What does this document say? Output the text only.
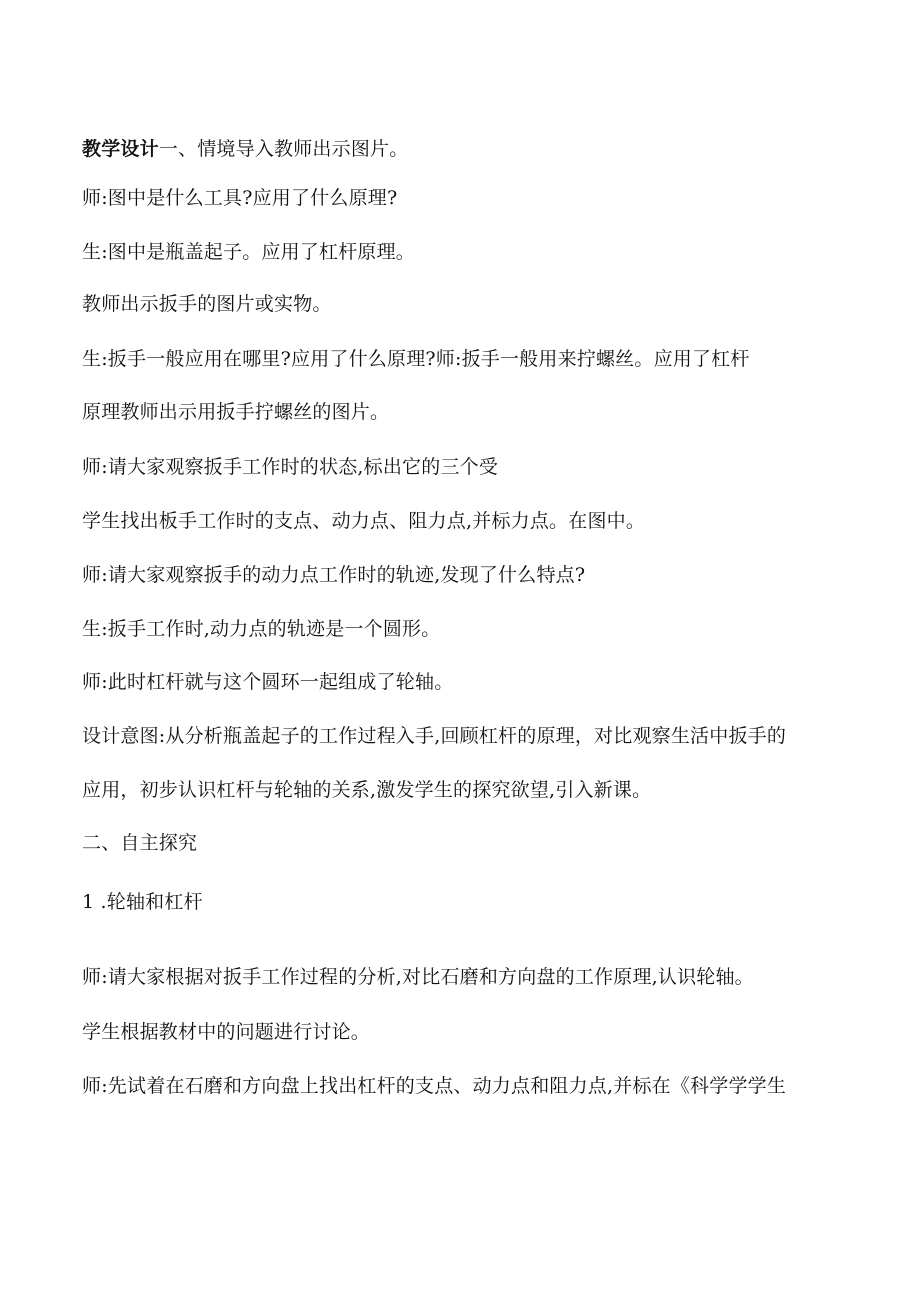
教学设计一、情境导入教师出示图片。
师:图中是什么工具?应用了什么原理?
生:图中是瓶盖起子。应用了杠杆原理。
教师出示扳手的图片或实物。
生:扳手一般应用在哪里?应用了什么原理?师:扳手一般用来拧螺丝。应用了杠杆
原理教师出示用扳手拧螺丝的图片。
师:请大家观察扳手工作时的状态,标出它的三个受
学生找出板手工作时的支点、动力点、阻力点,并标力点。在图中。
师:请大家观察扳手的动力点工作时的轨迹,发现了什么特点?
生:扳手工作时,动力点的轨迹是一个圆形。
师:此时杠杆就与这个圆环一起组成了轮轴。
设计意图:从分析瓶盖起子的工作过程入手,回顾杠杆的原理，对比观察生活中扳手的
应用，初步认识杠杆与轮轴的关系,激发学生的探究欲望,引入新课。
二、自主探究
1 .轮轴和杠杆
师:请大家根据对扳手工作过程的分析,对比石磨和方向盘的工作原理,认识轮轴。
学生根据教材中的问题进行讨论。
师:先试着在石磨和方向盘上找出杠杆的支点、动力点和阻力点,并标在《科学学学生
